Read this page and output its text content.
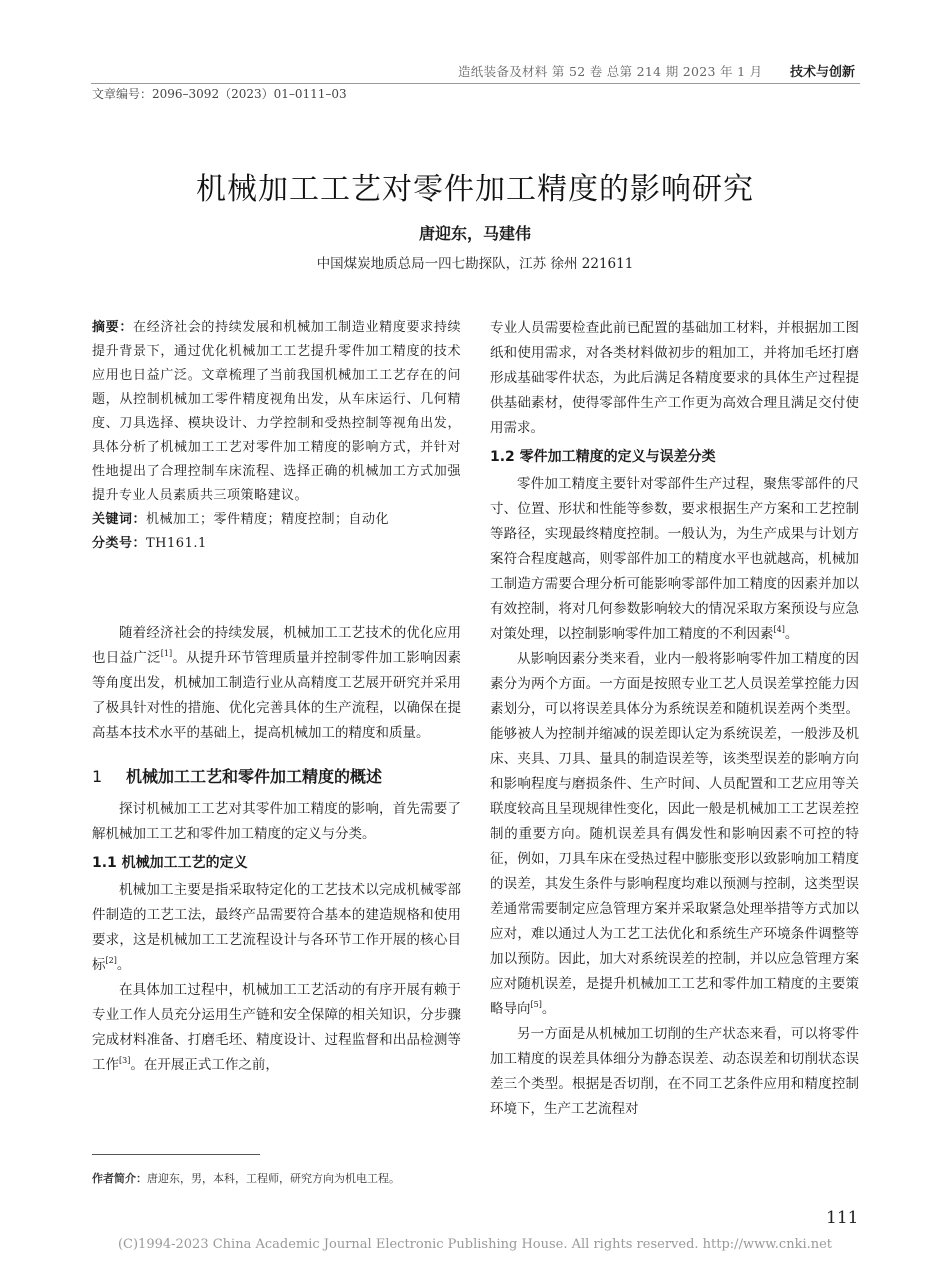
造纸装备及材料 第 52 卷 总第 214 期 2023 年 1 月 技术与创新
文章编号：2096–3092（2023）01–0111–03
机械加工工艺对零件加工精度的影响研究
唐迎东，马建伟
中国煤炭地质总局一四七勘探队，江苏 徐州 221611

摘要：在经济社会的持续发展和机械加工制造业精度要求持续提升背景下，通过优化机械加工工艺提升零件加工精度的技术应用也日益广泛。文章梳理了当前我国机械加工工艺存在的问题，从控制机械加工零件精度视角出发，从车床运行、几何精度、刀具选择、模块设计、力学控制和受热控制等视角出发，具体分析了机械加工工艺对零件加工精度的影响方式，并针对性地提出了合理控制车床流程、选择正确的机械加工方式加强提升专业人员素质共三项策略建议。

关键词：机械加工；零件精度；精度控制；自动化

分类号：TH161.1

随着经济社会的持续发展，机械加工工艺技术的优化应用也日益广泛[1]。从提升环节管理质量并控制零件加工影响因素等角度出发，机械加工制造行业从高精度工艺展开研究并采用了极具针对性的措施、优化完善具体的生产流程，以确保在提高基本技术水平的基础上，提高机械加工的精度和质量。

1 机械加工工艺和零件加工精度的概述

探讨机械加工工艺对其零件加工精度的影响，首先需要了解机械加工工艺和零件加工精度的定义与分类。

1.1 机械加工工艺的定义

机械加工主要是指采取特定化的工艺技术以完成机械零部件制造的工艺工法，最终产品需要符合基本的建造规格和使用要求，这是机械加工工艺流程设计与各环节工作开展的核心目标[2]。

在具体加工过程中，机械加工工艺活动的有序开展有赖于专业工作人员充分运用生产链和安全保障的相关知识，分步骤完成材料准备、打磨毛坯、精度设计、过程监督和出品检测等工作[3]。在开展正式工作之前，

专业人员需要检查此前已配置的基础加工材料，并根据加工图纸和使用需求，对各类材料做初步的粗加工，并将加毛坯打磨形成基础零件状态，为此后满足各精度要求的具体生产过程提供基础素材，使得零部件生产工作更为高效合理且满足交付使用需求。

1.2 零件加工精度的定义与误差分类

零件加工精度主要针对零部件生产过程，聚焦零部件的尺寸、位置、形状和性能等参数，要求根据生产方案和工艺控制等路径，实现最终精度控制。一般认为，为生产成果与计划方案符合程度越高，则零部件加工的精度水平也就越高，机械加工制造方需要合理分析可能影响零部件加工精度的因素并加以有效控制，将对几何参数影响较大的情况采取方案预设与应急对策处理，以控制影响零件加工精度的不利因素[4]。

从影响因素分类来看，业内一般将影响零件加工精度的因素分为两个方面。一方面是按照专业工艺人员误差掌控能力因素划分，可以将误差具体分为系统误差和随机误差两个类型。能够被人为控制并缩减的误差即认定为系统误差，一般涉及机床、夹具、刀具、量具的制造误差等，该类型误差的影响方向和影响程度与磨损条件、生产时间、人员配置和工艺应用等关联度较高且呈现规律性变化，因此一般是机械加工工艺误差控制的重要方向。随机误差具有偶发性和影响因素不可控的特征，例如，刀具车床在受热过程中膨胀变形以致影响加工精度的误差，其发生条件与影响程度均难以预测与控制，这类型误差通常需要制定应急管理方案并采取紧急处理举措等方式加以应对，难以通过人为工艺工法优化和系统生产环境条件调整等加以预防。因此，加大对系统误差的控制，并以应急管理方案应对随机误差，是提升机械加工工艺和零件加工精度的主要策略导向[5]。

另一方面是从机械加工切削的生产状态来看，可以将零件加工精度的误差具体细分为静态误差、动态误差和切削状态误差三个类型。根据是否切削，在不同工艺条件应用和精度控制环境下，生产工艺流程对

作者简介：唐迎东，男，本科，工程师，研究方向为机电工程。
111
(C)1994-2023 China Academic Journal Electronic Publishing House. All rights reserved. http://www.cnki.net
